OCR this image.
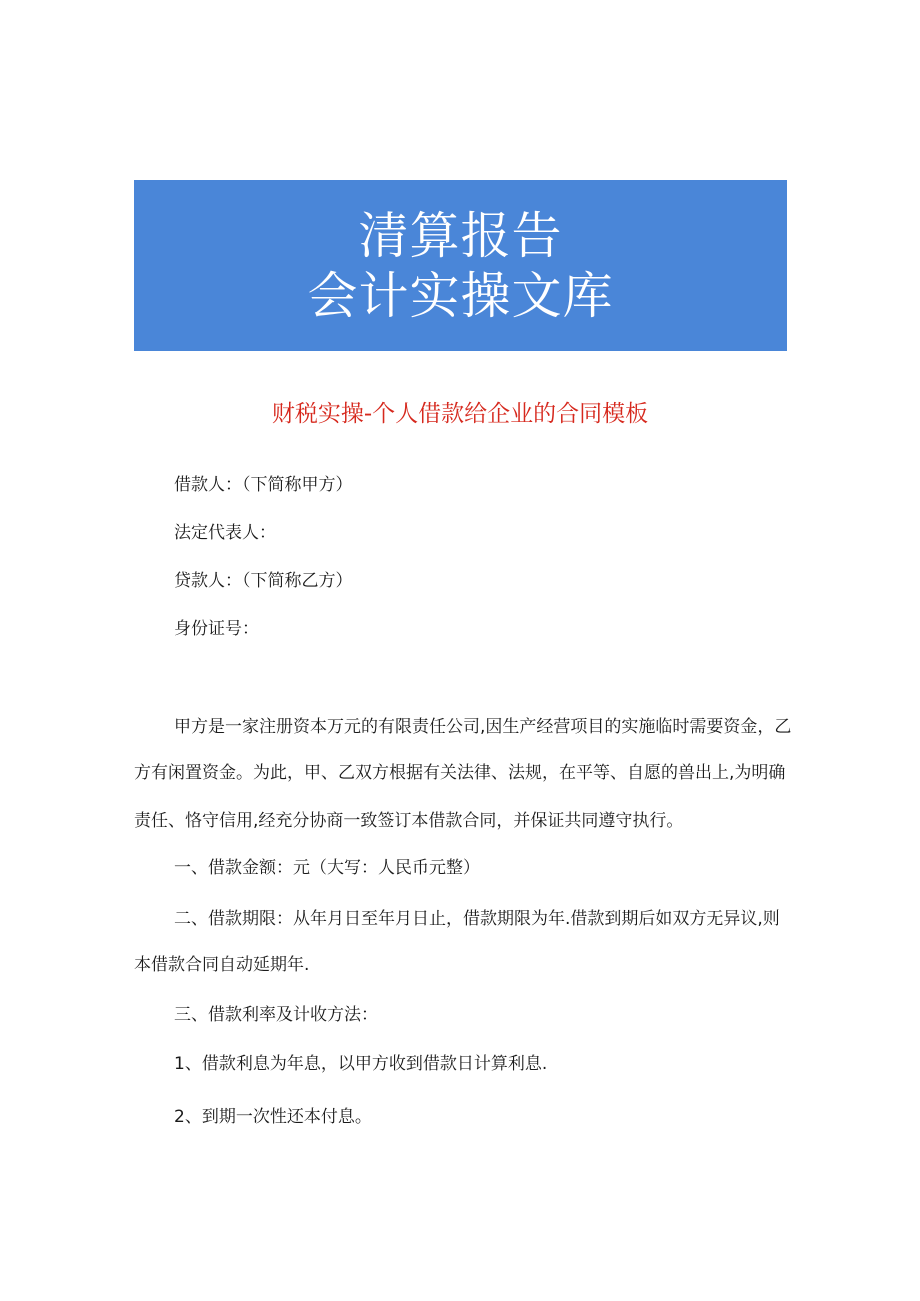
清算报告
会计实操文库
财税实操-个人借款给企业的合同模板
借款人：（下简称甲方）
法定代表人：
贷款人：（下简称乙方）
身份证号：
甲方是一家注册资本万元的有限责任公司,因生产经营项目的实施临时需要资金，乙
方有闲置资金。为此，甲、乙双方根据有关法律、法规，在平等、自愿的兽出上,为明确
责任、恪守信用,经充分协商一致签订本借款合同，并保证共同遵守执行。
一、借款金额：元（大写：人民币元整）
二、借款期限：从年月日至年月日止，借款期限为年.借款到期后如双方无异议,则
本借款合同自动延期年.
三、借款利率及计收方法：
1、借款利息为年息，以甲方收到借款日计算利息.
2、到期一次性还本付息。
